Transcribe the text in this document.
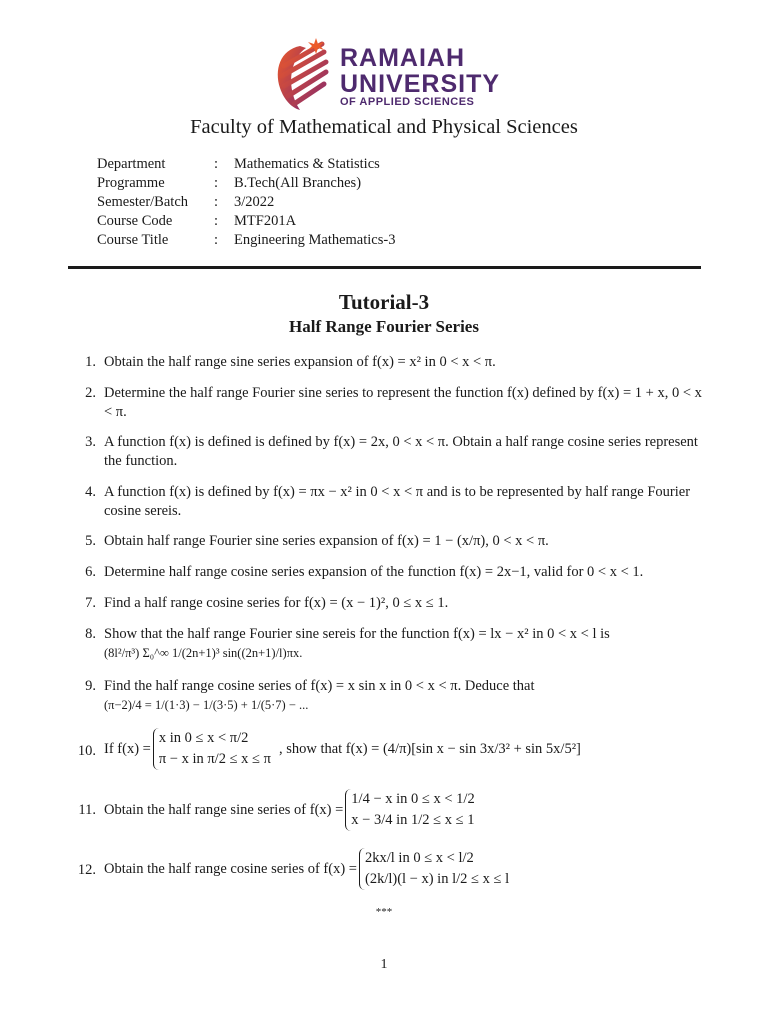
RAMAIAH
UNIVERSITY
OF APPLIED SCIENCES
Faculty of Mathematical and Physical Sciences
Department	:	Mathematics & Statistics
Programme	:	B.Tech(All Branches)
Semester/Batch	:	3/2022
Course Code	:	MTF201A
Course Title	:	Engineering Mathematics-3
Tutorial-3
Half Range Fourier Series
1. Obtain the half range sine series expansion of f(x) = x² in 0 < x < π.
2. Determine the half range Fourier sine series to represent the function f(x) defined by f(x) = 1 + x, 0 < x < π.
3. A function f(x) is defined is defined by f(x) = 2x, 0 < x < π. Obtain a half range cosine series represent the function.
4. A function f(x) is defined by f(x) = πx − x² in 0 < x < π and is to be represented by half range Fourier cosine sereis.
5. Obtain half range Fourier sine series expansion of f(x) = 1 − (x/π), 0 < x < π.
6. Determine half range cosine series expansion of the function f(x) = 2x−1, valid for 0 < x < 1.
7. Find a half range cosine series for f(x) = (x − 1)², 0 ≤ x ≤ 1.
8. Show that the half range Fourier sine sereis for the function f(x) = lx − x² in 0 < x < l is
(8l²/π³) Σ₀^∞ 1/(2n+1)³ sin((2n+1)/l)πx.
9. Find the half range cosine series of f(x) = x sin x in 0 < x < π. Deduce that
(π−2)/4 = 1/(1·3) − 1/(3·5) + 1/(5·7) − ...
10. If f(x) =
x in 0 ≤ x < π/2
π − x in π/2 ≤ x ≤ π
, show that f(x) = (4/π)[sin x − sin 3x/3² + sin 5x/5²]
11. Obtain the half range sine series of f(x) =
1/4 − x in 0 ≤ x < 1/2
x − 3/4 in 1/2 ≤ x ≤ 1
12. Obtain the half range cosine series of f(x) =
2kx/l in 0 ≤ x < l/2
(2k/l)(l − x) in l/2 ≤ x ≤ l
***
1
